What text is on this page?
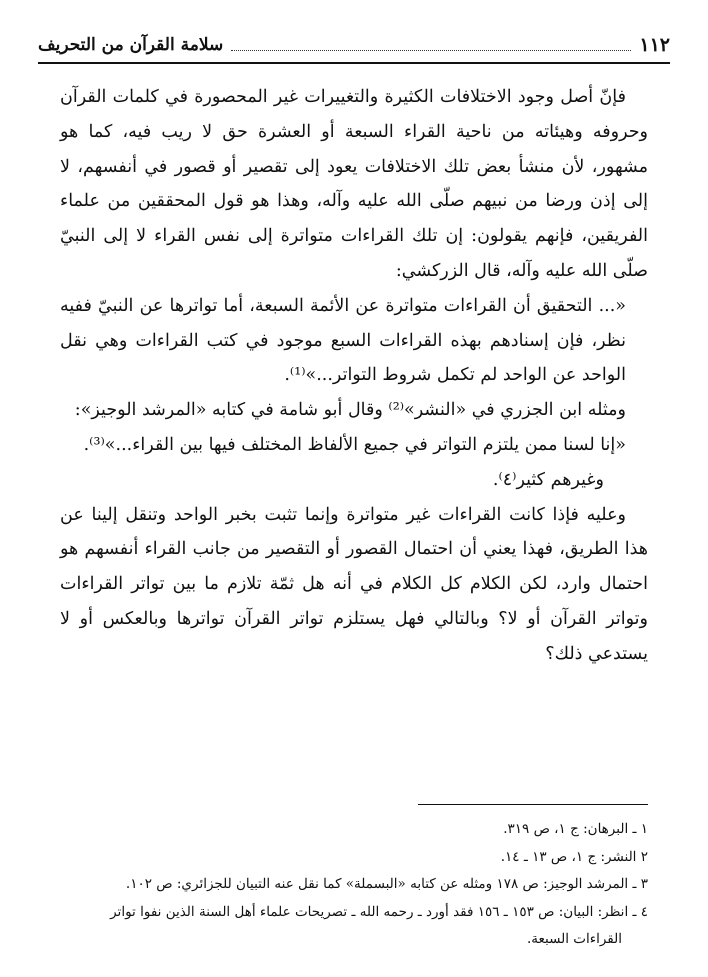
١١٢
سلامة القرآن من التحريف

فإنّ أصل وجود الاختلافات الكثيرة والتغييرات غير المحصورة في كلمات القرآن وحروفه وهيئاته من ناحية القراء السبعة أو العشرة حق لا ريب فيه، كما هو مشهور، لأن منشأ بعض تلك الاختلافات يعود إلى تقصير أو قصور في أنفسهم، لا إلى إذن ورضا من نبيهم صلّى الله عليه وآله، وهذا هو قول المحققين من علماء الفريقين، فإنهم يقولون: إن تلك القراءات متواترة إلى نفس القراء لا إلى النبيّ صلّى الله عليه وآله، قال الزركشي:

«... التحقيق أن القراءات متواترة عن الأئمة السبعة، أما تواترها عن النبيّ ففيه نظر، فإن إسنادهم بهذه القراءات السبع موجود في كتب القراءات وهي نقل الواحد عن الواحد لم تكمل شروط التواتر...»⁽¹⁾.

ومثله ابن الجزري في «النشر»⁽²⁾ وقال أبو شامة في كتابه «المرشد الوجيز»:

«إنا لسنا ممن يلتزم التواتر في جميع الألفاظ المختلف فيها بين القراء...»⁽³⁾.

وغيرهم كثير⁽٤⁾.

وعليه فإذا كانت القراءات غير متواترة وإنما تثبت بخبر الواحد وتنقل إلينا عن هذا الطريق، فهذا يعني أن احتمال القصور أو التقصير من جانب القراء أنفسهم هو احتمال وارد، لكن الكلام كل الكلام في أنه هل ثمّة تلازم ما بين تواتر القراءات وتواتر القرآن أو لا؟ وبالتالي فهل يستلزم تواتر القرآن تواترها وبالعكس أو لا يستدعي ذلك؟

١ ـ البرهان: ج ١، ص ٣١٩.

٢ النشر: ج ١، ص ١٣ ـ ١٤.

٣ ـ المرشد الوجيز: ص ١٧٨ ومثله عن كتابه «البسملة» كما نقل عنه التبيان للجزائري: ص ١٠٢.

٤ ـ انظر: البيان: ص ١٥٣ ـ ١٥٦ فقد أورد ـ رحمه الله ـ تصريحات علماء أهل السنة الذين نفوا تواتر

القراءات السبعة.
